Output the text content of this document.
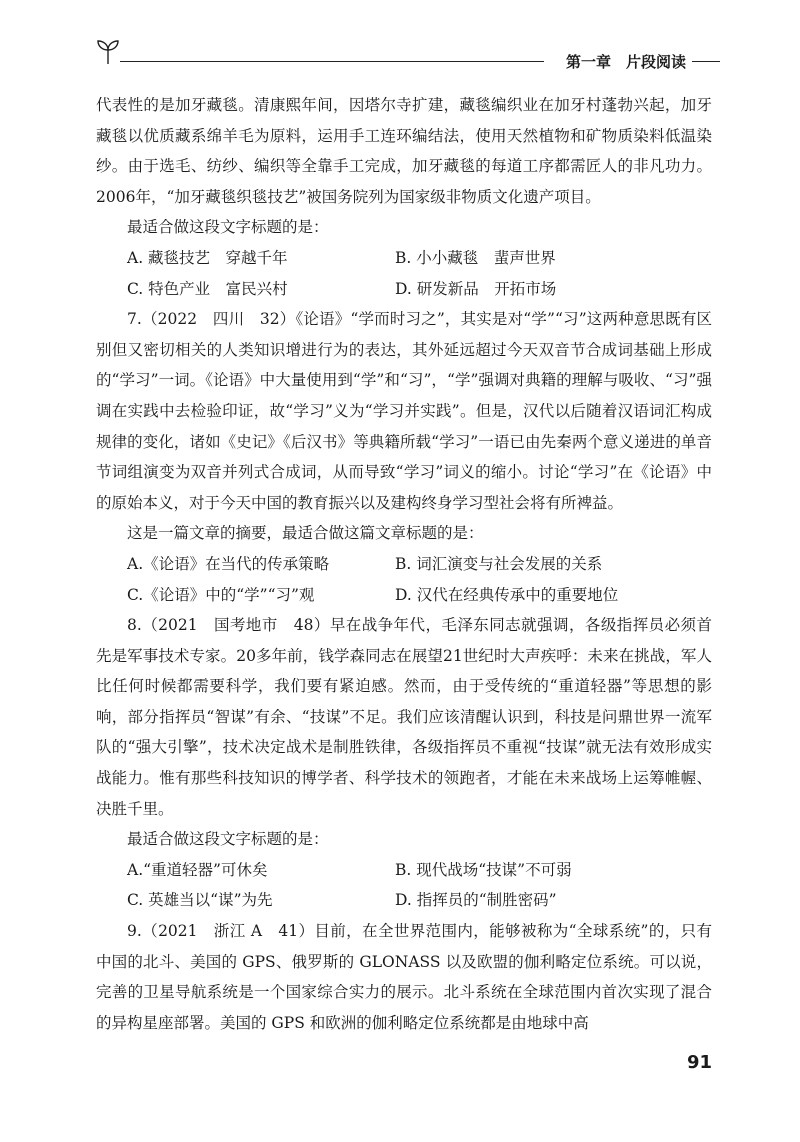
第一章　片段阅读

代表性的是加牙藏毯。清康熙年间，因塔尔寺扩建，藏毯编织业在加牙村蓬勃兴起，加牙藏毯以优质藏系绵羊毛为原料，运用手工连环编结法，使用天然植物和矿物质染料低温染纱。由于选毛、纺纱、编织等全靠手工完成，加牙藏毯的每道工序都需匠人的非凡功力。2006年，“加牙藏毯织毯技艺”被国务院列为国家级非物质文化遗产项目。

最适合做这段文字标题的是：

A. 藏毯技艺　穿越千年	B. 小小藏毯　蜚声世界
C. 特色产业　富民兴村	D. 研发新品　开拓市场

7.（2022　四川　32）《论语》“学而时习之”，其实是对“学”“习”这两种意思既有区别但又密切相关的人类知识增进行为的表达，其外延远超过今天双音节合成词基础上形成的“学习”一词。《论语》中大量使用到“学”和“习”，“学”强调对典籍的理解与吸收、“习”强调在实践中去检验印证，故“学习”义为“学习并实践”。但是，汉代以后随着汉语词汇构成规律的变化，诸如《史记》《后汉书》等典籍所载“学习”一语已由先秦两个意义递进的单音节词组演变为双音并列式合成词，从而导致“学习”词义的缩小。讨论“学习”在《论语》中的原始本义，对于今天中国的教育振兴以及建构终身学习型社会将有所裨益。

这是一篇文章的摘要，最适合做这篇文章标题的是：

A.《论语》在当代的传承策略	B. 词汇演变与社会发展的关系
C.《论语》中的“学”“习”观	D. 汉代在经典传承中的重要地位

8.（2021　国考地市　48）早在战争年代，毛泽东同志就强调，各级指挥员必须首先是军事技术专家。20多年前，钱学森同志在展望21世纪时大声疾呼：未来在挑战，军人比任何时候都需要科学，我们要有紧迫感。然而，由于受传统的“重道轻器”等思想的影响，部分指挥员“智谋”有余、“技谋”不足。我们应该清醒认识到，科技是问鼎世界一流军队的“强大引擎”，技术决定战术是制胜铁律，各级指挥员不重视“技谋”就无法有效形成实战能力。惟有那些科技知识的博学者、科学技术的领跑者，才能在未来战场上运筹帷幄、决胜千里。

最适合做这段文字标题的是：

A.“重道轻器”可休矣	B. 现代战场“技谋”不可弱
C. 英雄当以“谋”为先	D. 指挥员的“制胜密码”

9.（2021　浙江 A　41）目前，在全世界范围内，能够被称为“全球系统”的，只有中国的北斗、美国的 GPS、俄罗斯的 GLONASS 以及欧盟的伽利略定位系统。可以说，完善的卫星导航系统是一个国家综合实力的展示。北斗系统在全球范围内首次实现了混合的异构星座部署。美国的 GPS 和欧洲的伽利略定位系统都是由地球中高

91
